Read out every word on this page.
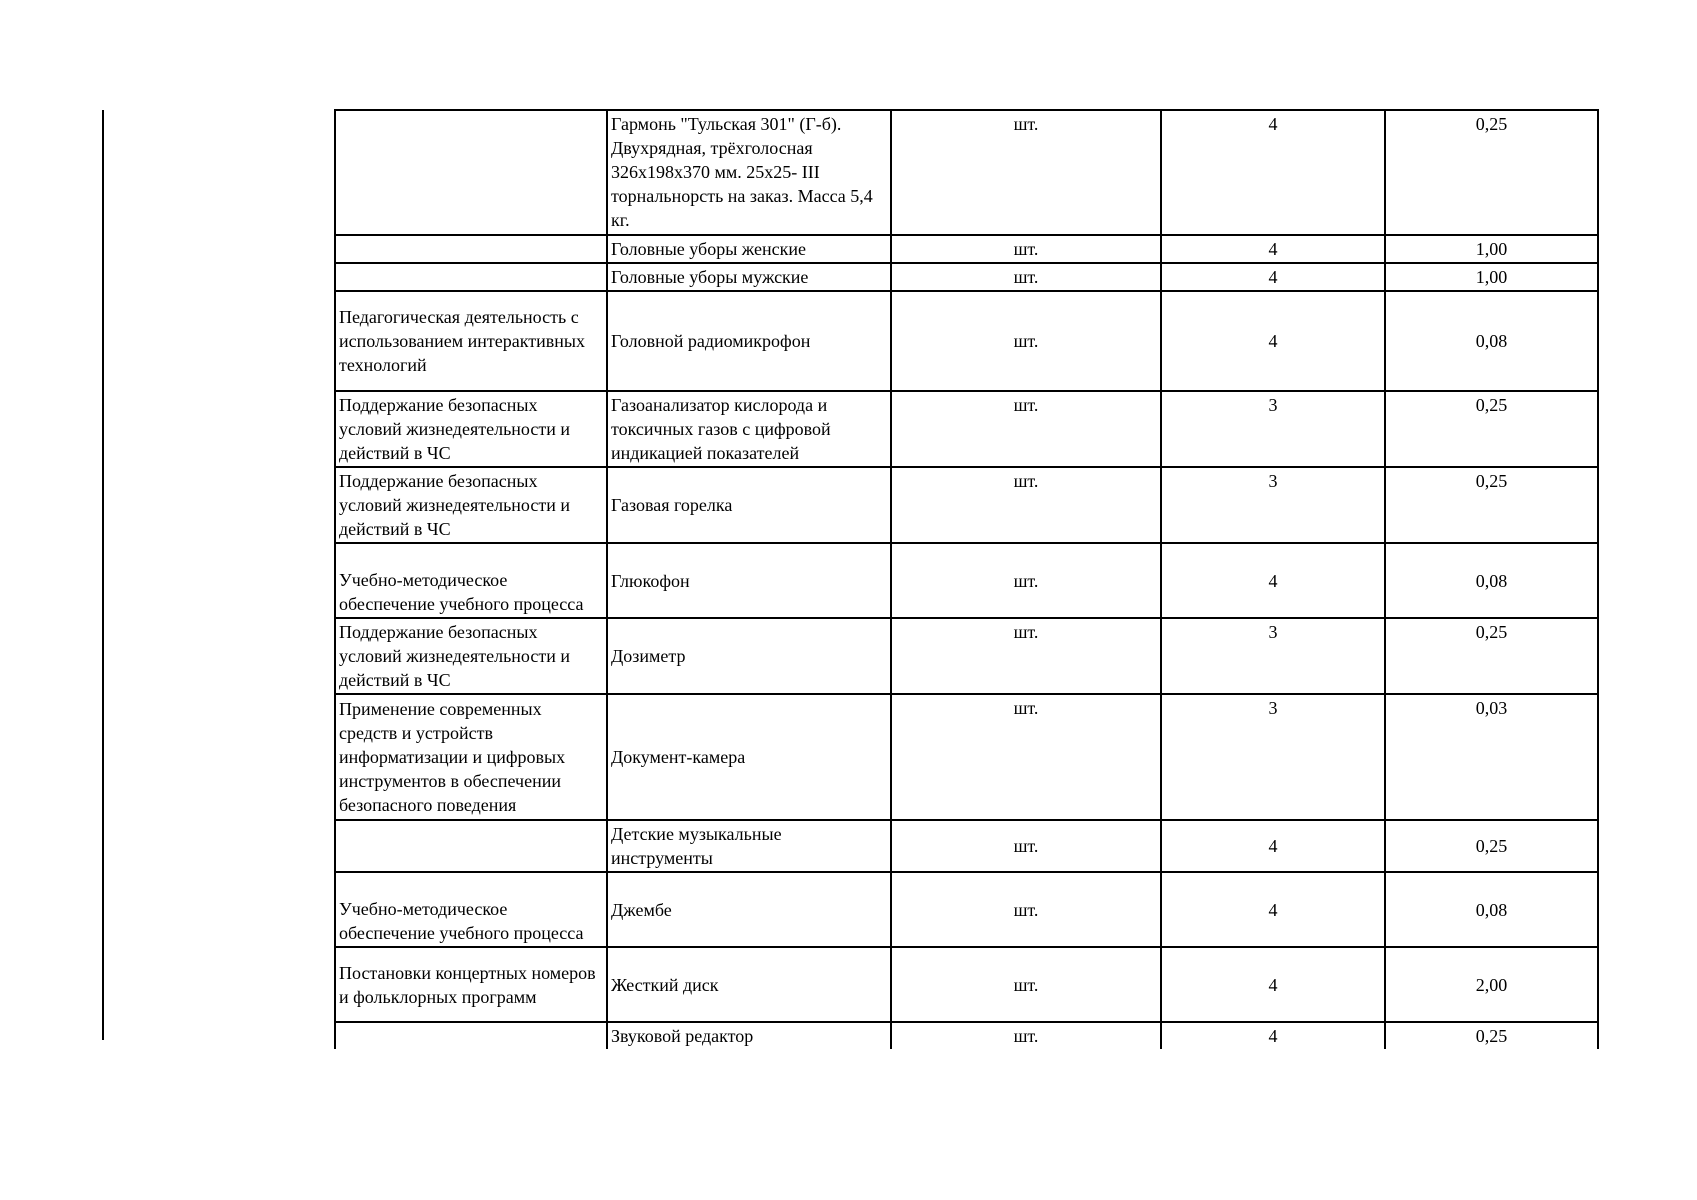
	Гармонь "Тульская 301" (Г-б). Двухрядная, трёхголосная 326х198х370 мм. 25х25- III торнальнорсть на заказ. Масса 5,4 кг.	шт.	4	0,25
	Головные уборы женские	шт.	4	1,00
	Головные уборы мужские	шт.	4	1,00
Педагогическая деятельность с использованием интерактивных технологий	Головной радиомикрофон	шт.	4	0,08
Поддержание безопасных условий жизнедеятельности и действий в ЧС	Газоанализатор кислорода и токсичных газов с цифровой индикацией показателей	шт.	3	0,25
Поддержание безопасных условий жизнедеятельности и действий в ЧС	Газовая горелка	шт.	3	0,25
Учебно-методическое обеспечение учебного процесса	Глюкофон	шт.	4	0,08
Поддержание безопасных условий жизнедеятельности и действий в ЧС	Дозиметр	шт.	3	0,25
Применение современных средств и устройств информатизации и цифровых инструментов в обеспечении безопасного поведения	Документ-камера	шт.	3	0,03
	Детские музыкальные инструменты	шт.	4	0,25
Учебно-методическое обеспечение учебного процесса	Джембе	шт.	4	0,08
Постановки концертных номеров и фольклорных программ	Жесткий диск	шт.	4	2,00
	Звуковой редактор	шт.	4	0,25
